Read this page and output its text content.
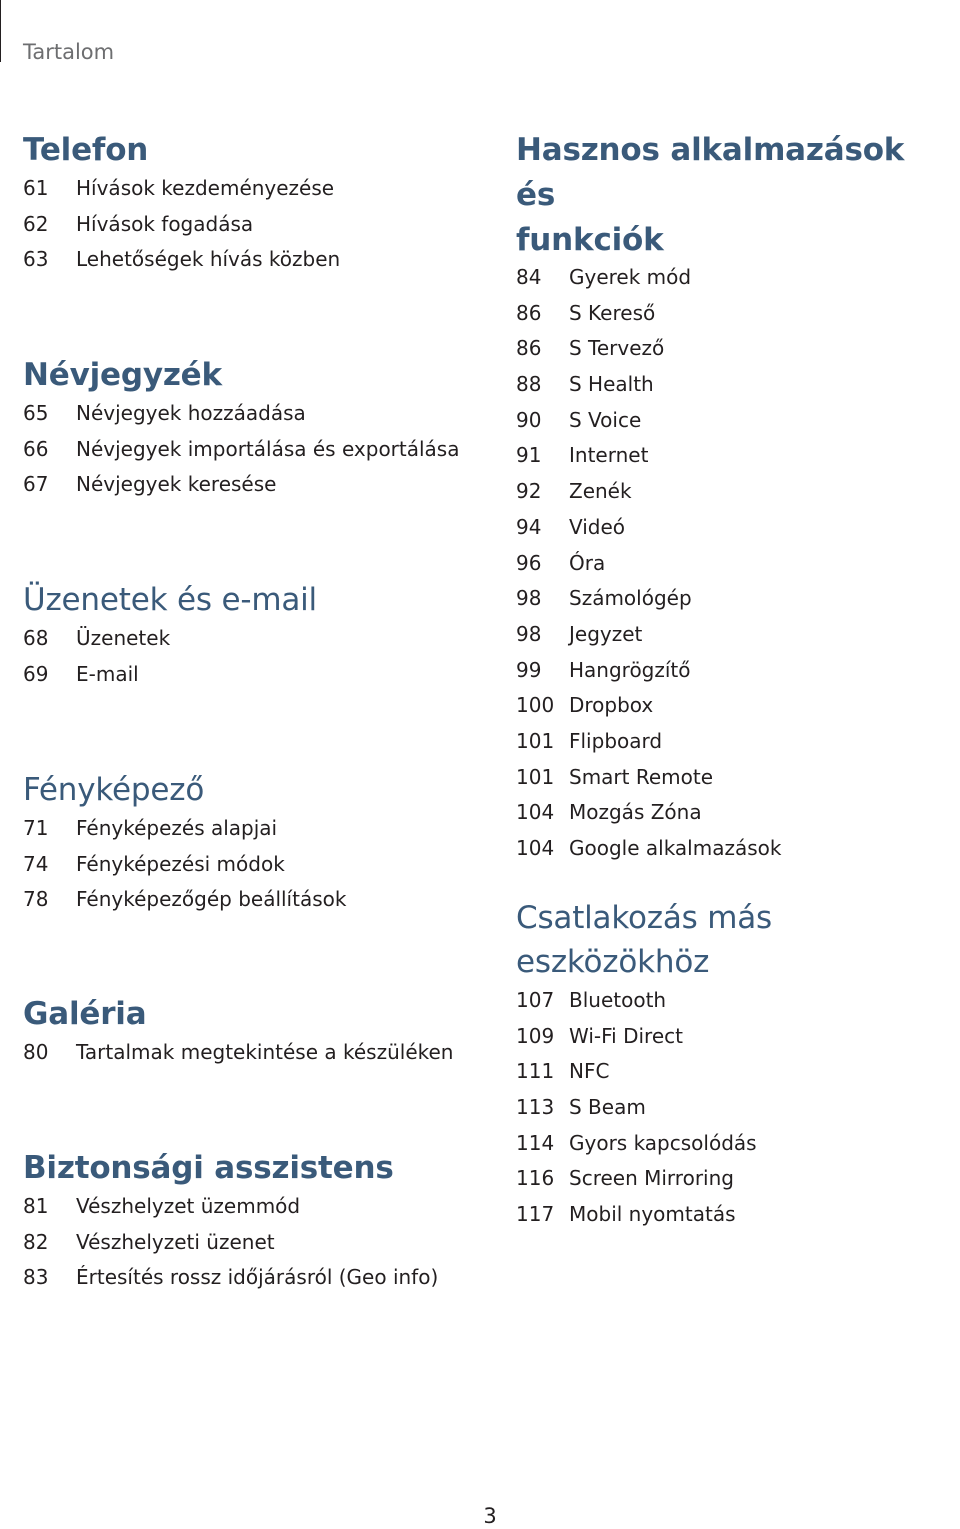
Tartalom
Telefon
61	Hívások kezdeményezése
62	Hívások fogadása
63	Lehetőségek hívás közben
Névjegyzék
65	Névjegyek hozzáadása
66	Névjegyek importálása és exportálása
67	Névjegyek keresése
Üzenetek és e-mail
68	Üzenetek
69	E-mail
Fényképező
71	Fényképezés alapjai
74	Fényképezési módok
78	Fényképezőgép beállítások
Galéria
80	Tartalmak megtekintése a készüléken
Biztonsági asszistens
81	Vészhelyzet üzemmód
82	Vészhelyzeti üzenet
83	Értesítés rossz időjárásról (Geo info)
Hasznos alkalmazások és
funkciók
84	Gyerek mód
86	S Kereső
86	S Tervező
88	S Health
90	S Voice
91	Internet
92	Zenék
94	Videó
96	Óra
98	Számológép
98	Jegyzet
99	Hangrögzítő
100 Dropbox
101 Flipboard
101 Smart Remote
104 Mozgás Zóna
104 Google alkalmazások
Csatlakozás más eszközökhöz
107 Bluetooth
109 Wi-Fi Direct
111 NFC
113 S Beam
114 Gyors kapcsolódás
116 Screen Mirroring
117 Mobil nyomtatás
3
